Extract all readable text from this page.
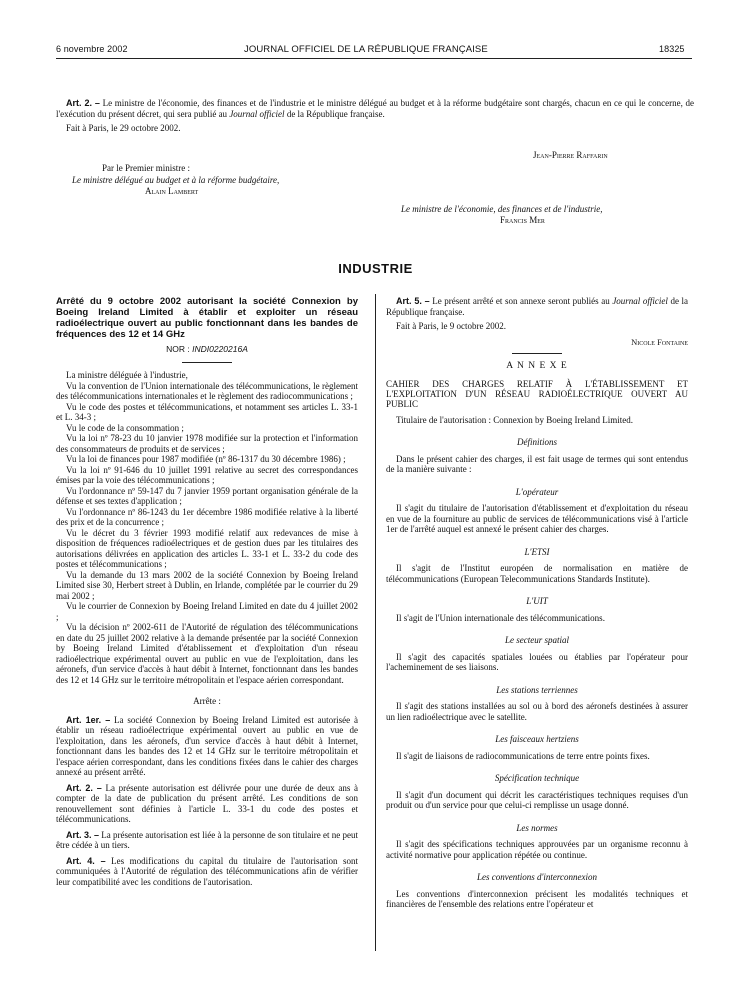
6 novembre 2002	JOURNAL OFFICIEL DE LA RÉPUBLIQUE FRANÇAISE	18325

Art. 2. – Le ministre de l'économie, des finances et de l'industrie et le ministre délégué au budget et à la réforme budgétaire sont chargés, chacun en ce qui le concerne, de l'exécution du présent décret, qui sera publié au Journal officiel de la République française.

Fait à Paris, le 29 octobre 2002.

Jean-Pierre Raffarin
Par le Premier ministre :
Le ministre délégué au budget et à la réforme budgétaire,
Alain Lambert
Le ministre de l'économie, des finances et de l'industrie,
Francis Mer
INDUSTRIE

Arrêté du 9 octobre 2002 autorisant la société Connexion by Boeing Ireland Limited à établir et exploiter un réseau radioélectrique ouvert au public fonctionnant dans les bandes de fréquences des 12 et 14 GHz

NOR : INDI0220216A

La ministre déléguée à l'industrie,

Vu la convention de l'Union internationale des télécommunications, le règlement des télécommunications internationales et le règlement des radiocommunications ;

Vu le code des postes et télécommunications, et notamment ses articles L. 33-1 et L. 34-3 ;

Vu le code de la consommation ;

Vu la loi nº 78-23 du 10 janvier 1978 modifiée sur la protection et l'information des consommateurs de produits et de services ;

Vu la loi de finances pour 1987 modifiée (nº 86-1317 du 30 décembre 1986) ;

Vu la loi nº 91-646 du 10 juillet 1991 relative au secret des correspondances émises par la voie des télécommunications ;

Vu l'ordonnance nº 59-147 du 7 janvier 1959 portant organisation générale de la défense et ses textes d'application ;

Vu l'ordonnance nº 86-1243 du 1er décembre 1986 modifiée relative à la liberté des prix et de la concurrence ;

Vu le décret du 3 février 1993 modifié relatif aux redevances de mise à disposition de fréquences radioélectriques et de gestion dues par les titulaires des autorisations délivrées en application des articles L. 33-1 et L. 33-2 du code des postes et télécommunications ;

Vu la demande du 13 mars 2002 de la société Connexion by Boeing Ireland Limited sise 30, Herbert street à Dublin, en Irlande, complétée par le courrier du 29 mai 2002 ;

Vu le courrier de Connexion by Boeing Ireland Limited en date du 4 juillet 2002 ;

Vu la décision nº 2002-611 de l'Autorité de régulation des télécommunications en date du 25 juillet 2002 relative à la demande présentée par la société Connexion by Boeing Ireland Limited d'établissement et d'exploitation d'un réseau radioélectrique expérimental ouvert au public en vue de l'exploitation, dans les aéronefs, d'un service d'accès à haut débit à Internet, fonctionnant dans les bandes des 12 et 14 GHz sur le territoire métropolitain et l'espace aérien correspondant.

Arrête :

Art. 1er. – La société Connexion by Boeing Ireland Limited est autorisée à établir un réseau radioélectrique expérimental ouvert au public en vue de l'exploitation, dans les aéronefs, d'un service d'accès à haut débit à Internet, fonctionnant dans les bandes des 12 et 14 GHz sur le territoire métropolitain et l'espace aérien correspondant, dans les conditions fixées dans le cahier des charges annexé au présent arrêté.

Art. 2. – La présente autorisation est délivrée pour une durée de deux ans à compter de la date de publication du présent arrêté. Les conditions de son renouvellement sont définies à l'article L. 33-1 du code des postes et télécommunications.

Art. 3. – La présente autorisation est liée à la personne de son titulaire et ne peut être cédée à un tiers.

Art. 4. – Les modifications du capital du titulaire de l'autorisation sont communiquées à l'Autorité de régulation des télécommunications afin de vérifier leur compatibilité avec les conditions de l'autorisation.

Art. 5. – Le présent arrêté et son annexe seront publiés au Journal officiel de la République française.

Fait à Paris, le 9 octobre 2002.

Nicole Fontaine

A N N E X E

CAHIER DES CHARGES RELATIF À L'ÉTABLISSEMENT ET L'EXPLOITATION D'UN RÉSEAU RADIOÉLECTRIQUE OUVERT AU PUBLIC

Titulaire de l'autorisation : Connexion by Boeing Ireland Limited.

Définitions

Dans le présent cahier des charges, il est fait usage de termes qui sont entendus de la manière suivante :

L'opérateur

Il s'agit du titulaire de l'autorisation d'établissement et d'exploitation du réseau en vue de la fourniture au public de services de télécommunications visé à l'article 1er de l'arrêté auquel est annexé le présent cahier des charges.

L'ETSI

Il s'agit de l'Institut européen de normalisation en matière de télécommunications (European Telecommunications Standards Institute).

L'UIT

Il s'agit de l'Union internationale des télécommunications.

Le secteur spatial

Il s'agit des capacités spatiales louées ou établies par l'opérateur pour l'acheminement de ses liaisons.

Les stations terriennes

Il s'agit des stations installées au sol ou à bord des aéronefs destinées à assurer un lien radioélectrique avec le satellite.

Les faisceaux hertziens

Il s'agit de liaisons de radiocommunications de terre entre points fixes.

Spécification technique

Il s'agit d'un document qui décrit les caractéristiques techniques requises d'un produit ou d'un service pour que celui-ci remplisse un usage donné.

Les normes

Il s'agit des spécifications techniques approuvées par un organisme reconnu à activité normative pour application répétée ou continue.

Les conventions d'interconnexion

Les conventions d'interconnexion précisent les modalités techniques et financières de l'ensemble des relations entre l'opérateur et
